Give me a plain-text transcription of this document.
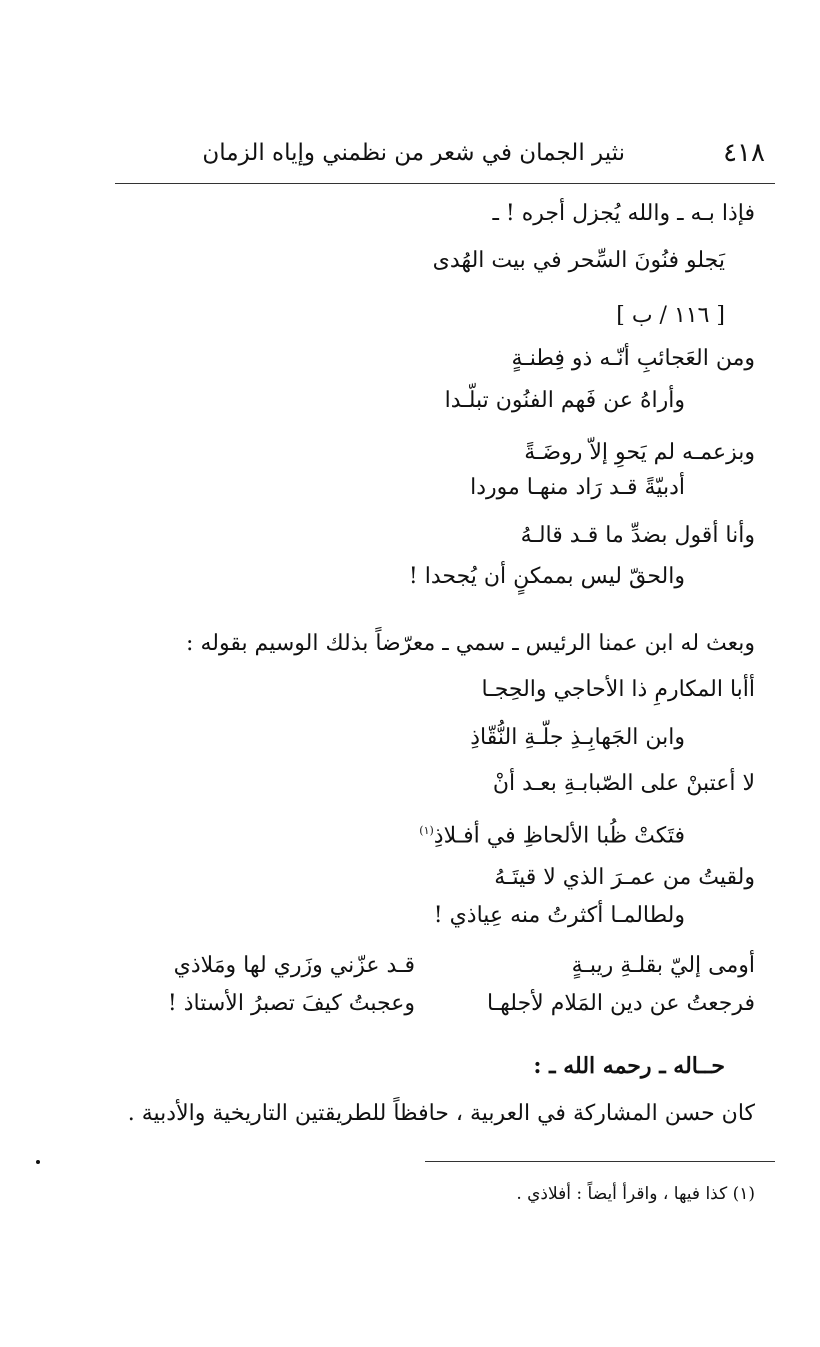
٤١٨
نثير الجمان في شعر من نظمني وإياه الزمان
فإذا بـه ـ والله يُجزل أجره ! ـ
يَجلو فنُونَ السِّحر في بيت الهُدى
[ ١١٦ / ب ]
ومن العَجائبِ أنّـه ذو فِطنـةٍ
وأراهُ عن فَهم الفنُون تبلّـدا
وبزعمـه لم يَحوِ إلاّ روضَـةً
أدبيّةً قـد رَاد منهـا موردا
وأنا أقول بضدِّ ما قـد قالـهُ
والحقّ ليس بممكنٍ أن يُجحدا !
وبعث له ابن عمنا الرئيس ـ سمي ـ معرّضاً بذلك الوسيم بقوله :
أأبا المكارمِ ذا الأحاجي والحِجـا
وابن الجَهابِـذِ جلّـةِ النُّقّاذِ
لا أعتبنْ على الصّبابـةِ بعـد أنْ
فتَكتْ ظُبا الألحاظِ في أفـلاذِ$^{(١)}$
ولقيتُ من عمـرَ الذي لا قيتَـهُ
ولطالمـا أكثرتُ منه عِياذي !
أومى إليّ بقلـةِ ريبـةٍ
قـد عزّني وزَري لها ومَلاذي
فرجعتُ عن دين المَلام لأجلهـا
وعجبتُ كيفَ تصبرُ الأستاذ !
حــاله ـ رحمه الله ـ :
كان حسن المشاركة في العربية ، حافظاً للطريقتين التاريخية والأدبية .
(١) كذا فيها ، واقرأ أيضاً : أفلاذي .
